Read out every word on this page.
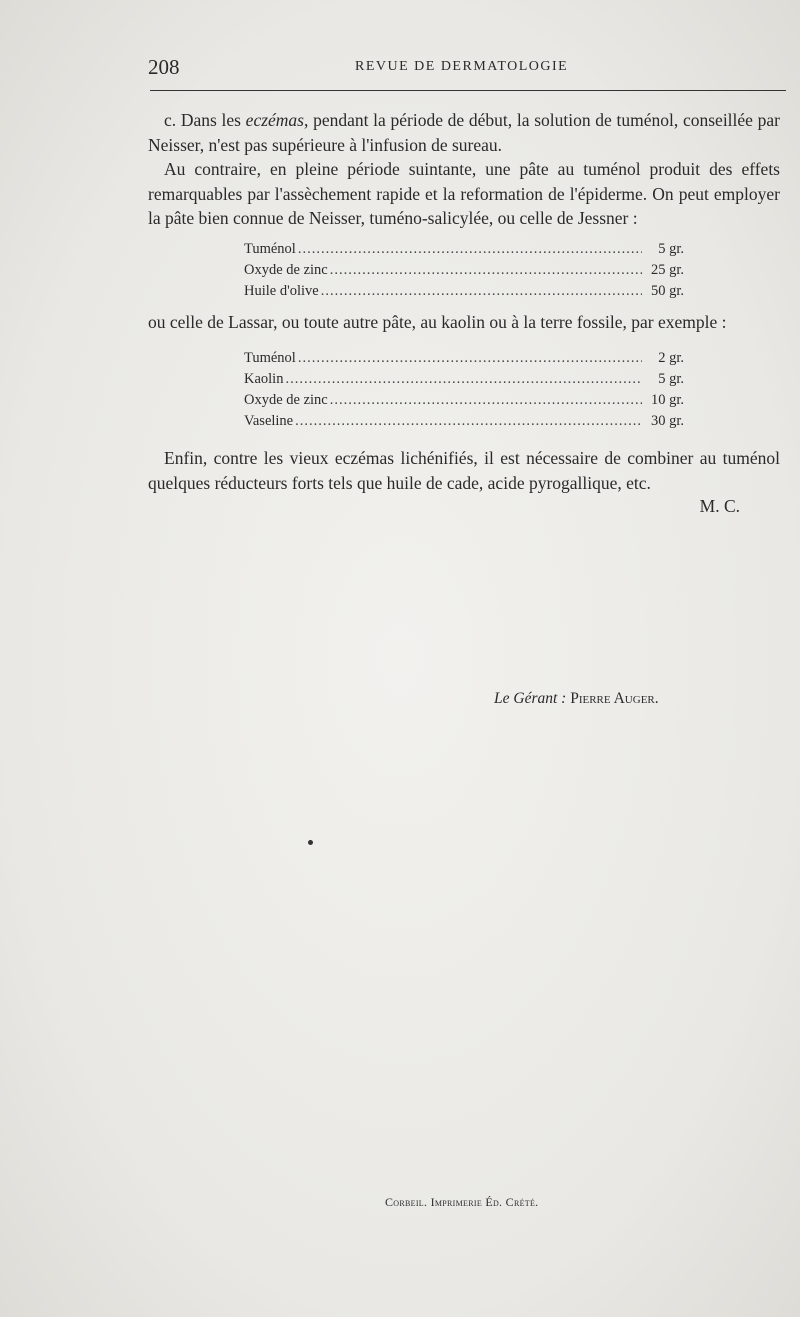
208	REVUE DE DERMATOLOGIE

c. Dans les eczémas, pendant la période de début, la solution de tuménol, conseillée par Neisser, n'est pas supérieure à l'infusion de sureau.

Au contraire, en pleine période suintante, une pâte au tuménol produit des effets remarquables par l'assèchement rapide et la reformation de l'épiderme. On peut employer la pâte bien connue de Neisser, tuméno-salicylée, ou celle de Jessner :

Tuménol .....	5 gr.
Oxyde de zinc .....	25 gr.
Huile d'olive .....	50 gr.

ou celle de Lassar, ou toute autre pâte, au kaolin ou à la terre fossile, par exemple :

Tuménol .....	2 gr.
Kaolin .....	5 gr.
Oxyde de zinc .....	10 gr.
Vaseline .....	30 gr.

Enfin, contre les vieux eczémas lichénifiés, il est nécessaire de combiner au tuménol quelques réducteurs forts tels que huile de cade, acide pyrogallique, etc.
M. C.

Le Gérant : Pierre Auger.
Corbeil. Imprimerie Éd. Crété.
